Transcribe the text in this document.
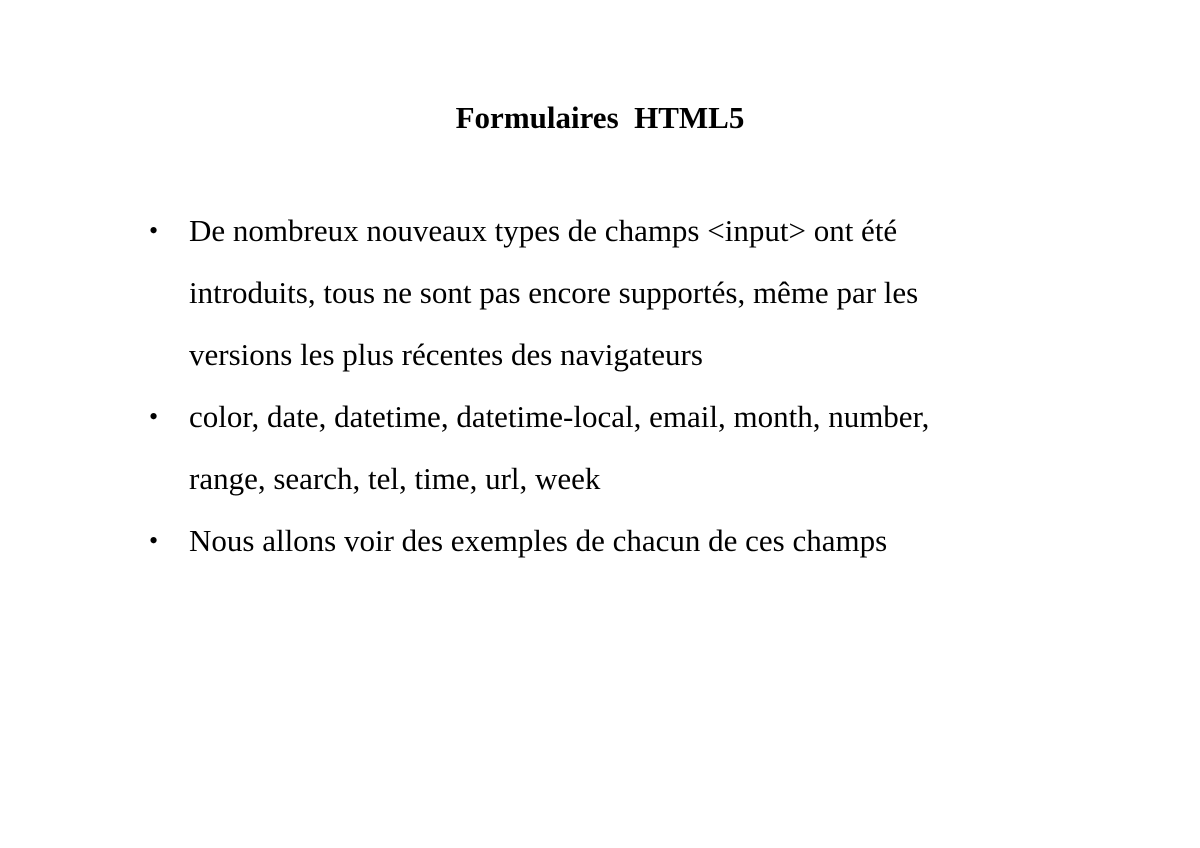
Formulaires  HTML5
• De nombreux nouveaux types de champs <input> ont été
introduits, tous ne sont pas encore supportés, même par les
versions les plus récentes des navigateurs
• color, date, datetime, datetime-local, email, month, number,
range, search, tel, time, url, week
• Nous allons voir des exemples de chacun de ces champs
